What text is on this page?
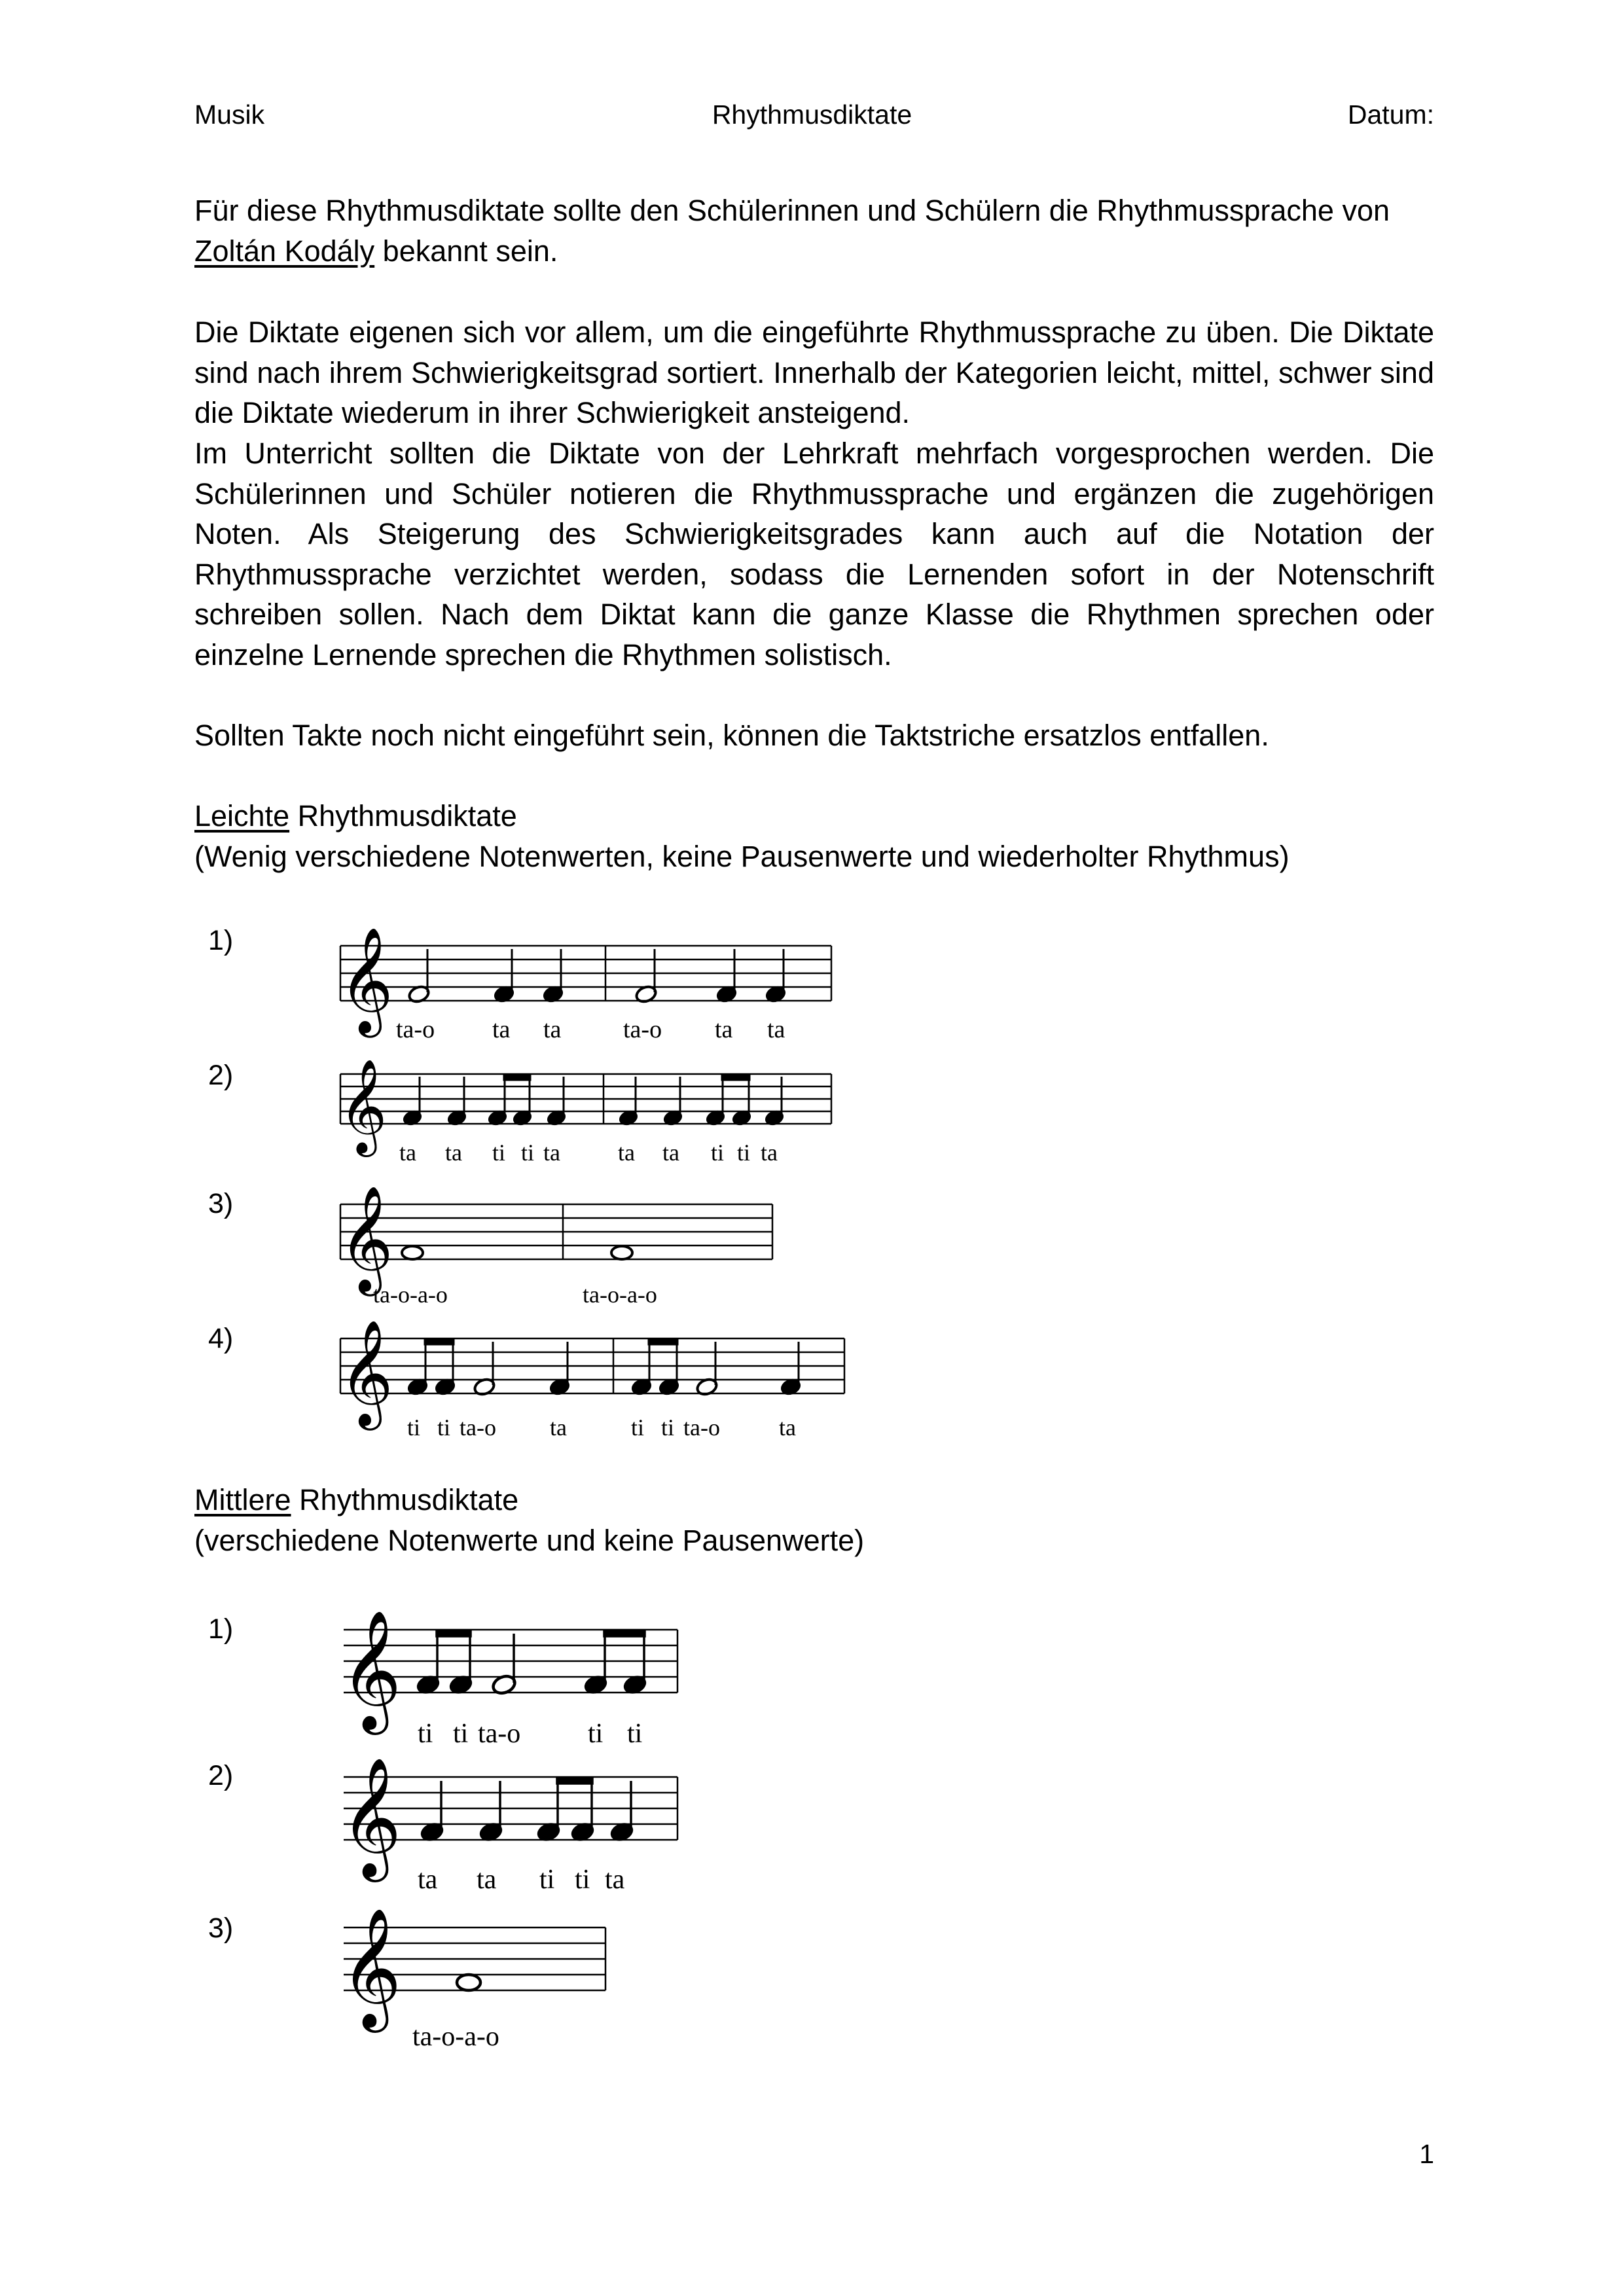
Musik	Rhythmusdiktate	Datum:

Für diese Rhythmusdiktate sollte den Schülerinnen und Schülern die Rhythmussprache von
Zoltán Kodály bekannt sein.

Die Diktate eigenen sich vor allem, um die eingeführte Rhythmussprache zu üben. Die Diktate sind nach ihrem Schwierigkeitsgrad sortiert. Innerhalb der Kategorien leicht, mittel, schwer sind die Diktate wiederum in ihrer Schwierigkeit ansteigend.

Im Unterricht sollten die Diktate von der Lehrkraft mehrfach vorgesprochen werden. Die Schülerinnen und Schüler notieren die Rhythmussprache und ergänzen die zugehörigen Noten. Als Steigerung des Schwierigkeitsgrades kann auch auf die Notation der Rhythmussprache verzichtet werden, sodass die Lernenden sofort in der Notenschrift schreiben sollen. Nach dem Diktat kann die ganze Klasse die Rhythmen sprechen oder einzelne Lernende sprechen die Rhythmen solistisch.

Sollten Takte noch nicht eingeführt sein, können die Taktstriche ersatzlos entfallen.

Leichte Rhythmusdiktate

(Wenig verschiedene Notenwerten, keine Pausenwerte und wiederholter Rhythmus)

1)
2)
3)
4)
𝄞 ta-o ta ta ta-o ta ta
𝄞 ta ta ti ti ta ta ta ti ti ta
𝄞
ta-o-a-o	ta-o-a-o
𝄞
ti ti ta-o ta	ti ti ta-o	ta

Mittlere Rhythmusdiktate

(verschiedene Notenwerte und keine Pausenwerte)

1)
2)
3)
𝄞
ti ti ta-o ti ti
𝄞
ta ta ti ti ta
𝄞
ta-o-a-o
1
